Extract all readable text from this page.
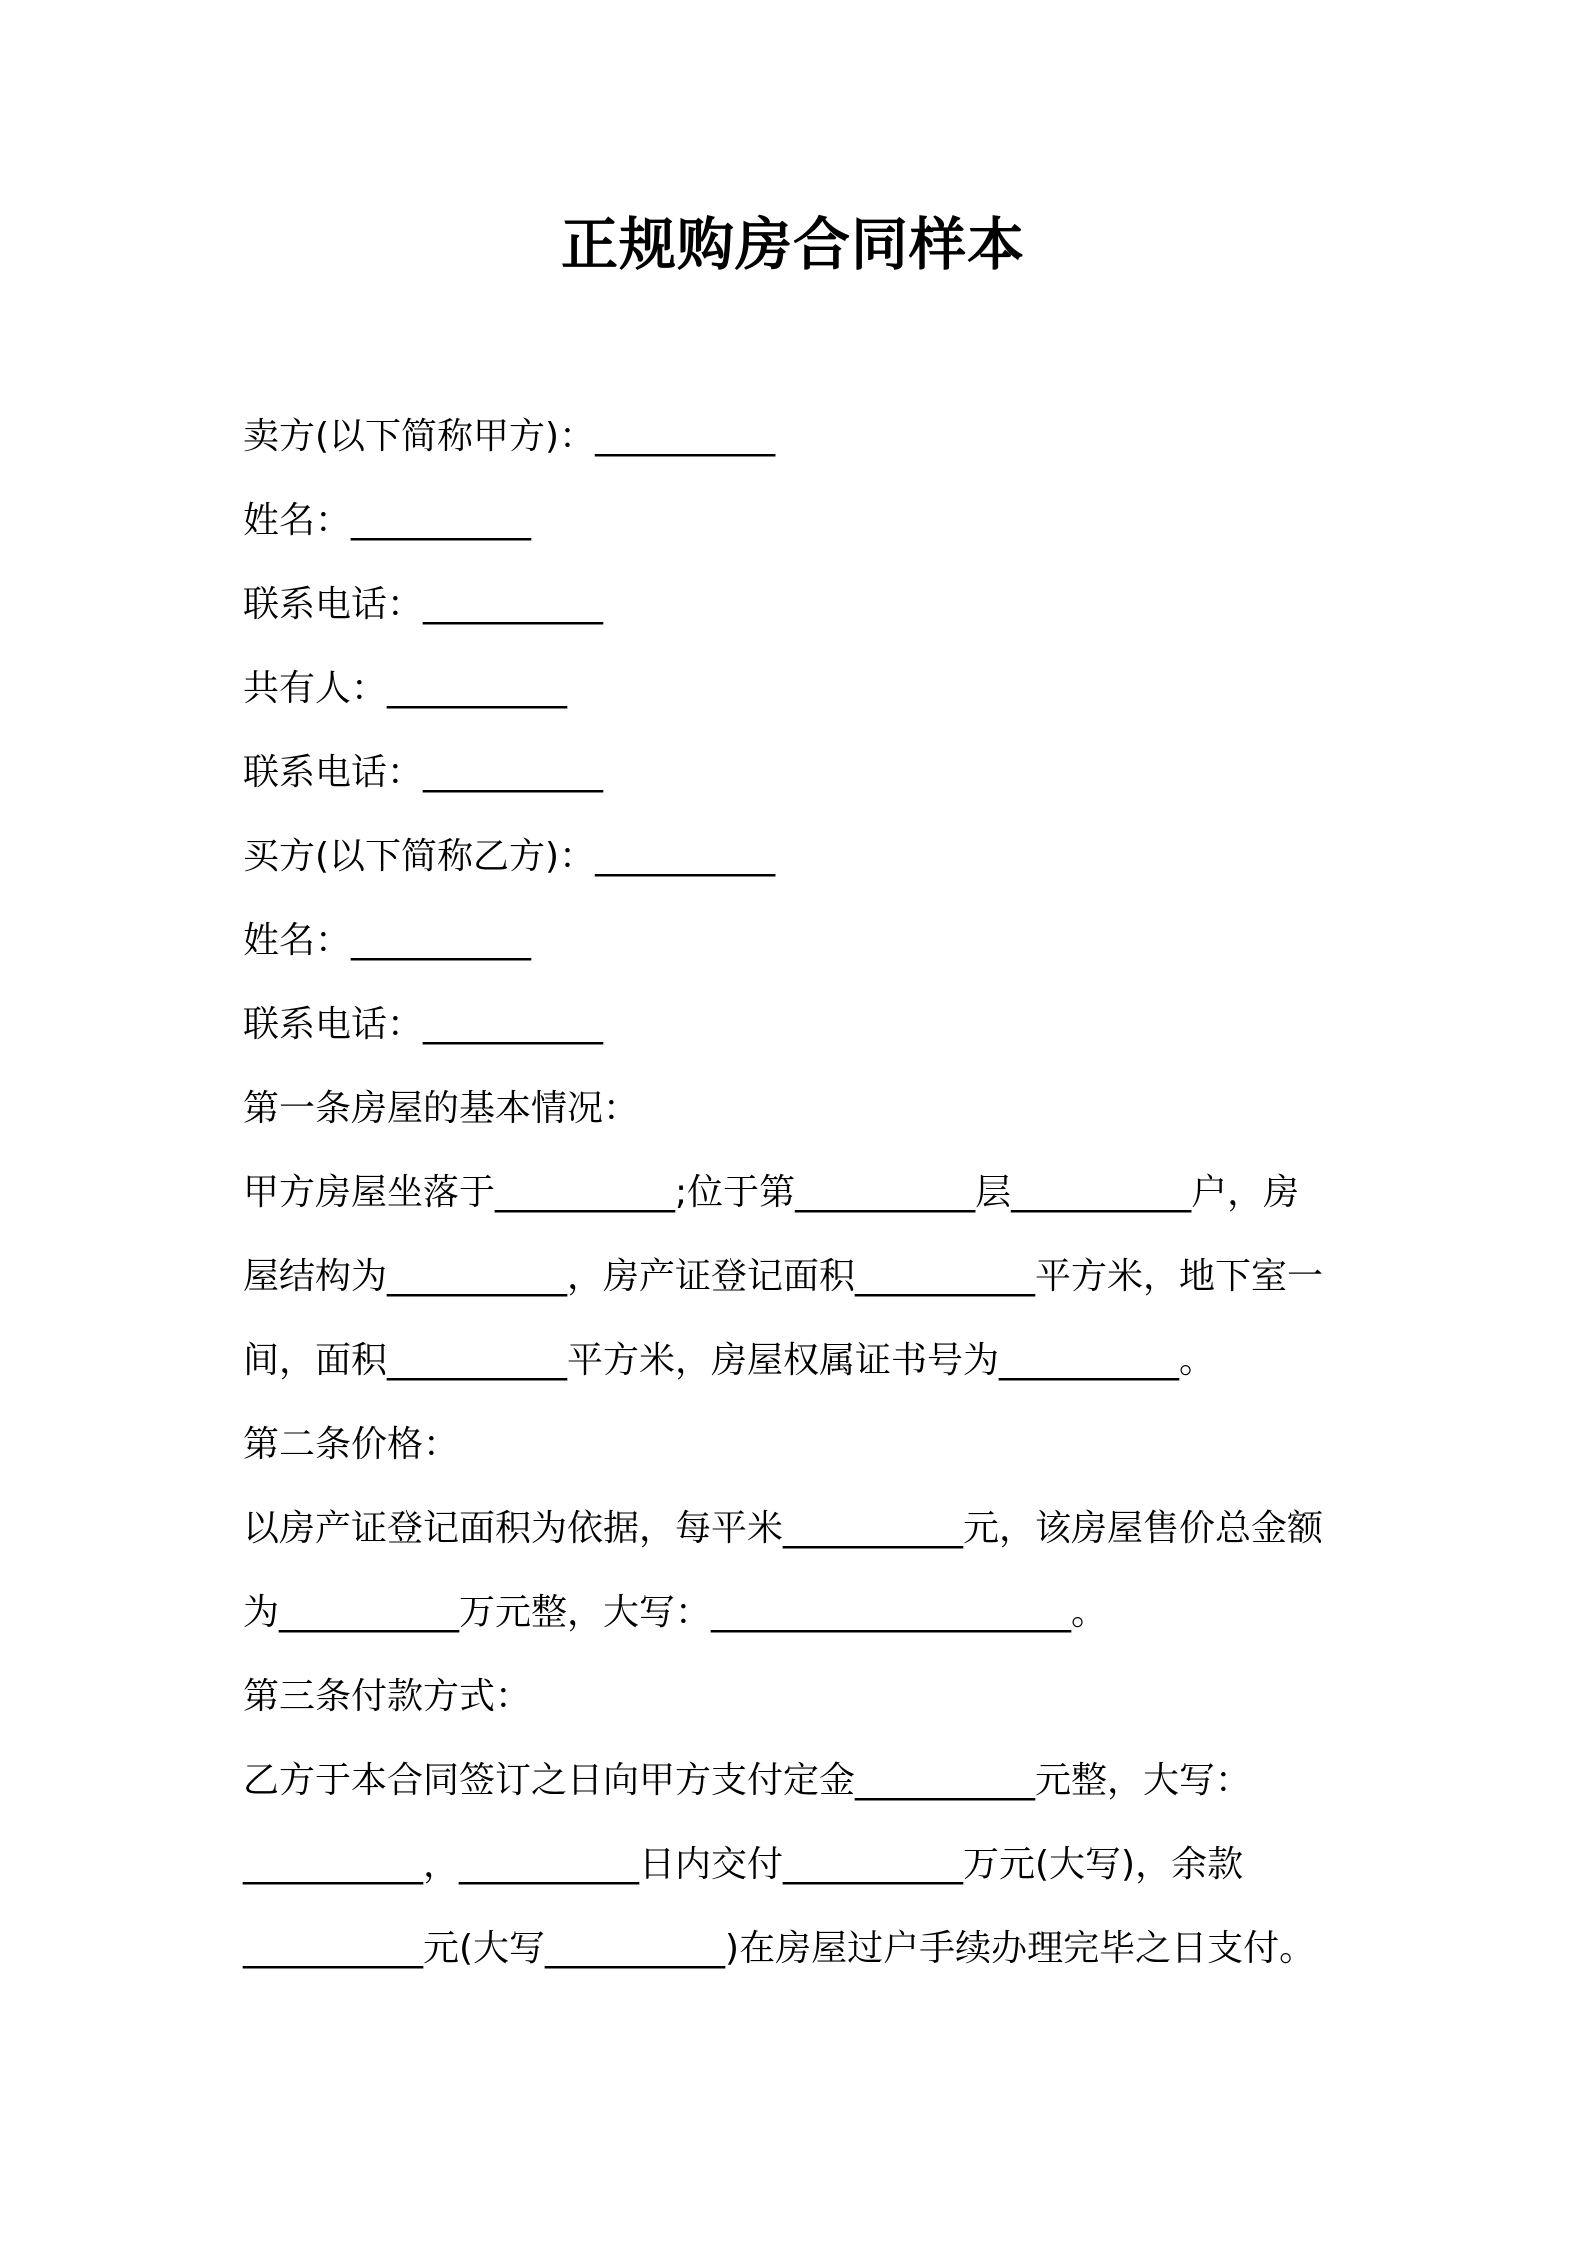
正规购房合同样本
卖方(以下简称甲方)：__________
姓名：__________
联系电话：__________
共有人：__________
联系电话：__________
买方(以下简称乙方)：__________
姓名：__________
联系电话：__________
第一条房屋的基本情况：
甲方房屋坐落于__________;位于第__________层__________户，房
屋结构为__________，房产证登记面积__________平方米，地下室一
间，面积__________平方米，房屋权属证书号为__________。
第二条价格：
以房产证登记面积为依据，每平米__________元，该房屋售价总金额
为__________万元整，大写：____________________。
第三条付款方式：
乙方于本合同签订之日向甲方支付定金__________元整，大写：
__________，__________日内交付__________万元(大写)，余款
__________元(大写__________)在房屋过户手续办理完毕之日支付。
